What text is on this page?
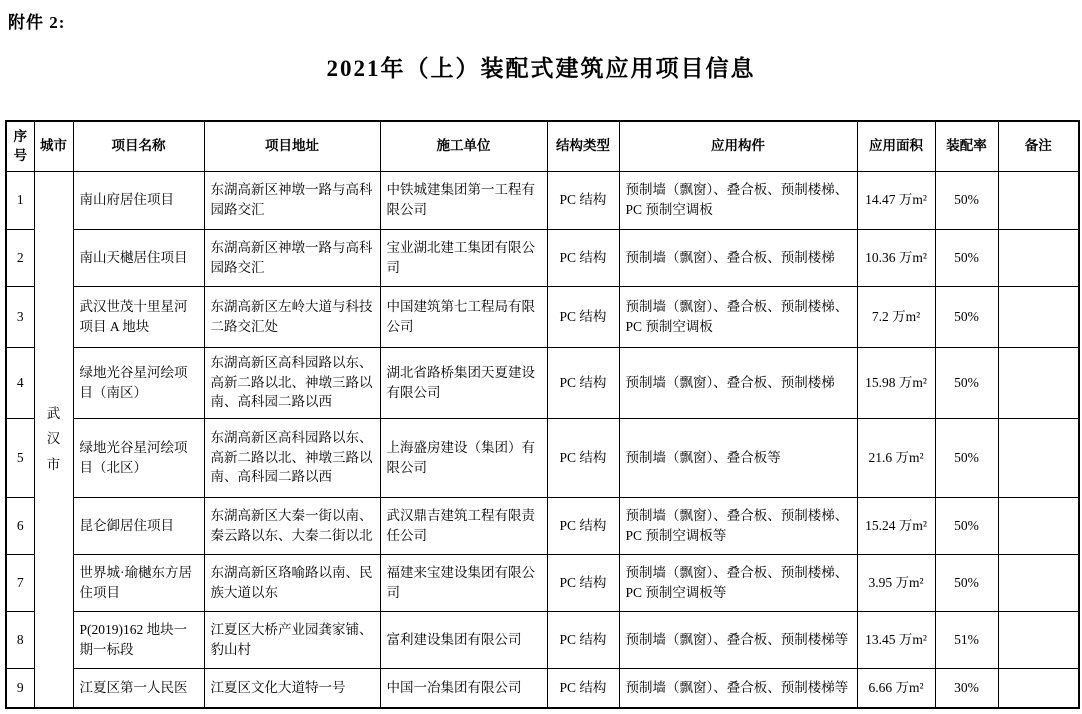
附件 2:
2021年（上）装配式建筑应用项目信息
序号	城市	项目名称	项目地址	施工单位	结构类型	应用构件	应用面积	装配率	备注
1	武汉市	南山府居住项目	东湖高新区神墩一路与高科园路交汇	中铁城建集团第一工程有限公司	PC 结构	预制墙（飘窗）、叠合板、预制楼梯、PC 预制空调板	14.47 万m²	50%	
2		南山天樾居住项目	东湖高新区神墩一路与高科园路交汇	宝业湖北建工集团有限公司	PC 结构	预制墙（飘窗）、叠合板、预制楼梯	10.36 万m²	50%	
3		武汉世茂十里星河项目 A 地块	东湖高新区左岭大道与科技二路交汇处	中国建筑第七工程局有限公司	PC 结构	预制墙（飘窗）、叠合板、预制楼梯、PC 预制空调板	7.2 万m²	50%	
4		绿地光谷星河绘项目（南区）	东湖高新区高科园路以东、高新二路以北、神墩三路以南、高科园二路以西	湖北省路桥集团天夏建设有限公司	PC 结构	预制墙（飘窗）、叠合板、预制楼梯	15.98 万m²	50%	
5		绿地光谷星河绘项目（北区）	东湖高新区高科园路以东、高新二路以北、神墩三路以南、高科园二路以西	上海盛房建设（集团）有限公司	PC 结构	预制墙（飘窗）、叠合板等	21.6 万m²	50%	
6		昆仑御居住项目	东湖高新区大秦一街以南、秦云路以东、大秦二街以北	武汉鼎吉建筑工程有限责任公司	PC 结构	预制墙（飘窗）、叠合板、预制楼梯、PC 预制空调板等	15.24 万m²	50%	
7		世界城·瑜樾东方居住项目	东湖高新区珞喻路以南、民族大道以东	福建来宝建设集团有限公司	PC 结构	预制墙（飘窗）、叠合板、预制楼梯、PC 预制空调板等	3.95 万m²	50%	
8		P(2019)162 地块一期一标段	江夏区大桥产业园龚家铺、豹山村	富利建设集团有限公司	PC 结构	预制墙（飘窗）、叠合板、预制楼梯等	13.45 万m²	51%	
9		江夏区第一人民医	江夏区文化大道特一号	中国一冶集团有限公司	PC 结构	预制墙（飘窗）、叠合板、预制楼梯等	6.66 万m²	30%	
